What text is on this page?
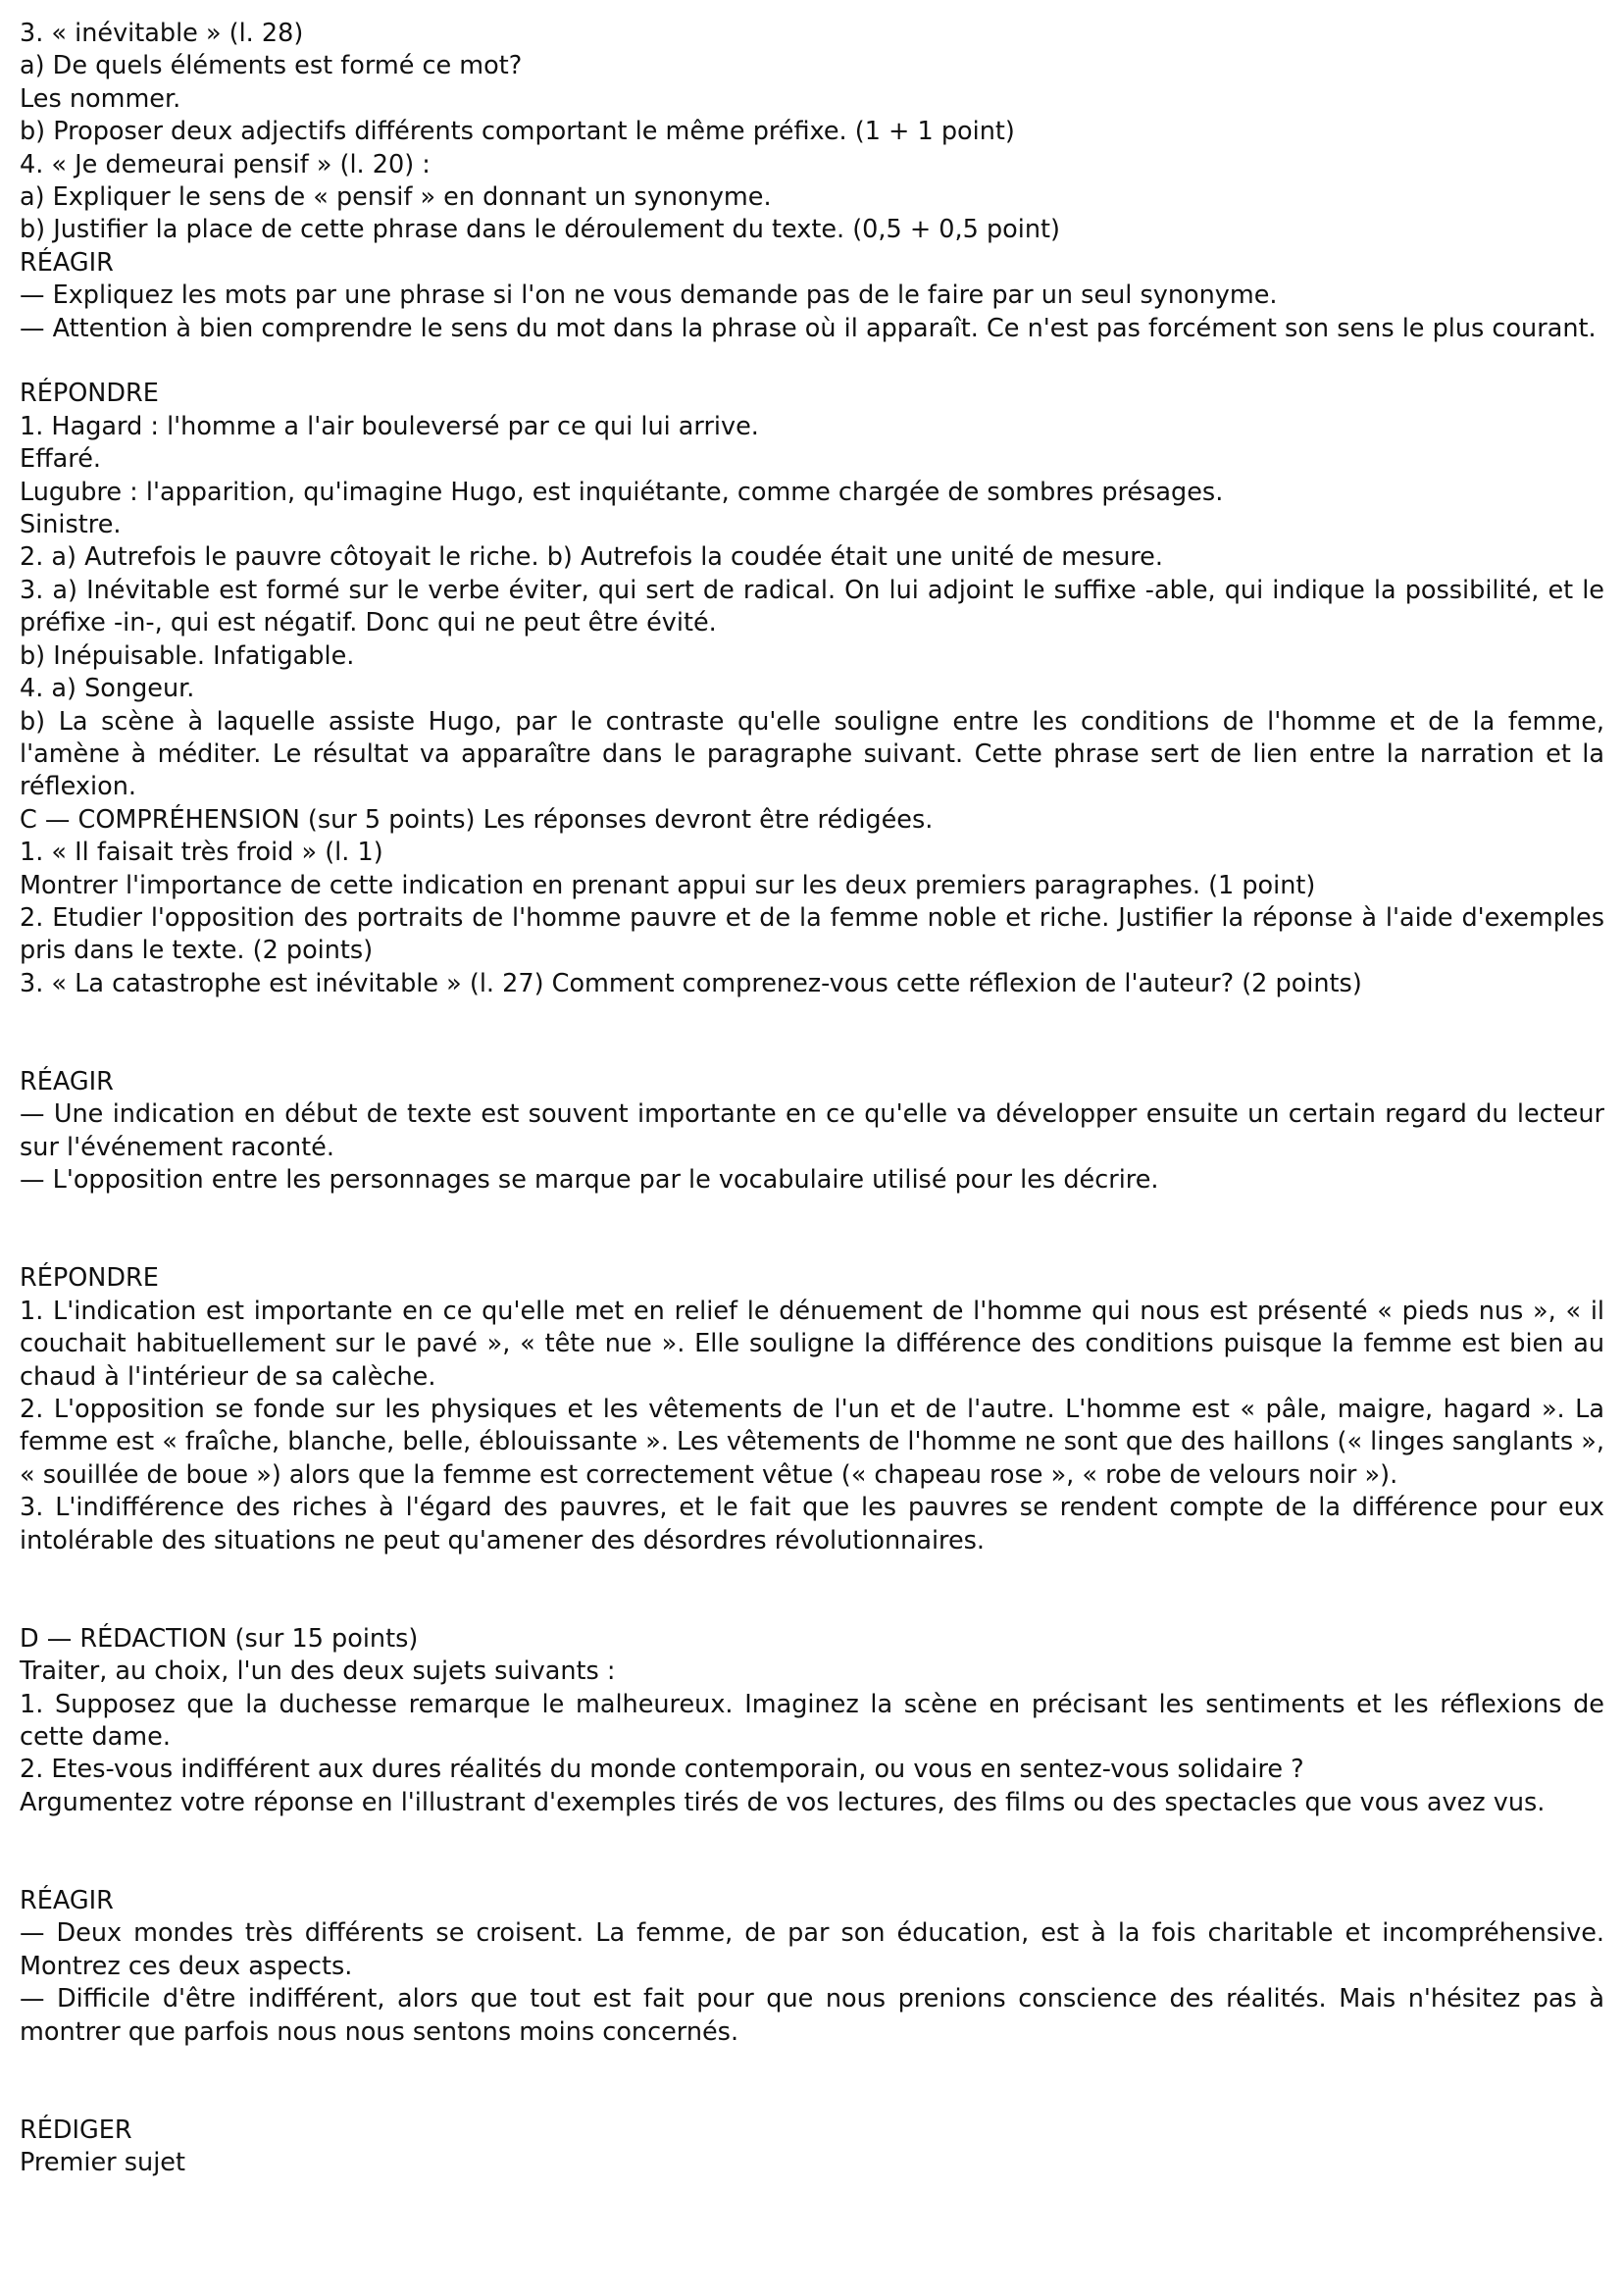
3. « inévitable » (l. 28)
a) De quels éléments est formé ce mot?
Les nommer.
b) Proposer deux adjectifs différents comportant le même préfixe. (1 + 1 point)
4. « Je demeurai pensif » (l. 20) :
a) Expliquer le sens de « pensif » en donnant un synonyme.
b) Justifier la place de cette phrase dans le déroulement du texte. (0,5 + 0,5 point)
RÉAGIR
— Expliquez les mots par une phrase si l'on ne vous demande pas de le faire par un seul synonyme.
— Attention à bien comprendre le sens du mot dans la phrase où il apparaît. Ce n'est pas forcément son sens le plus courant.
RÉPONDRE
1. Hagard : l'homme a l'air bouleversé par ce qui lui arrive.
Effaré.
Lugubre : l'apparition, qu'imagine Hugo, est inquiétante, comme chargée de sombres présages.
Sinistre.
2. a) Autrefois le pauvre côtoyait le riche. b) Autrefois la coudée était une unité de mesure.
3. a) Inévitable est formé sur le verbe éviter, qui sert de radical. On lui adjoint le suffixe -able, qui indique la possibilité, et le préfixe -in-, qui est négatif. Donc qui ne peut être évité.
b) Inépuisable. Infatigable.
4. a) Songeur.
b) La scène à laquelle assiste Hugo, par le contraste qu'elle souligne entre les conditions de l'homme et de la femme, l'amène à méditer. Le résultat va apparaître dans le paragraphe suivant. Cette phrase sert de lien entre la narration et la réflexion.
C — COMPRÉHENSION (sur 5 points) Les réponses devront être rédigées.
1. « Il faisait très froid » (l. 1)
Montrer l'importance de cette indication en prenant appui sur les deux premiers paragraphes. (1 point)
2. Etudier l'opposition des portraits de l'homme pauvre et de la femme noble et riche. Justifier la réponse à l'aide d'exemples pris dans le texte. (2 points)
3. « La catastrophe est inévitable » (l. 27) Comment comprenez-vous cette réflexion de l'auteur? (2 points)
RÉAGIR
— Une indication en début de texte est souvent importante en ce qu'elle va développer ensuite un certain regard du lecteur sur l'événement raconté.
— L'opposition entre les personnages se marque par le vocabulaire utilisé pour les décrire.
RÉPONDRE
1. L'indication est importante en ce qu'elle met en relief le dénuement de l'homme qui nous est présenté « pieds nus », « il couchait habituellement sur le pavé », « tête nue ». Elle souligne la différence des conditions puisque la femme est bien au chaud à l'intérieur de sa calèche.
2. L'opposition se fonde sur les physiques et les vêtements de l'un et de l'autre. L'homme est « pâle, maigre, hagard ». La femme est « fraîche, blanche, belle, éblouissante ». Les vêtements de l'homme ne sont que des haillons (« linges sanglants », « souillée de boue ») alors que la femme est correctement vêtue (« chapeau rose », « robe de velours noir »).
3. L'indifférence des riches à l'égard des pauvres, et le fait que les pauvres se rendent compte de la différence pour eux intolérable des situations ne peut qu'amener des désordres révolutionnaires.
D — RÉDACTION (sur 15 points)
Traiter, au choix, l'un des deux sujets suivants :
1. Supposez que la duchesse remarque le malheureux. Imaginez la scène en précisant les sentiments et les réflexions de cette dame.
2. Etes-vous indifférent aux dures réalités du monde contemporain, ou vous en sentez-vous solidaire ?
Argumentez votre réponse en l'illustrant d'exemples tirés de vos lectures, des films ou des spectacles que vous avez vus.
RÉAGIR
— Deux mondes très différents se croisent. La femme, de par son éducation, est à la fois charitable et incompréhensive. Montrez ces deux aspects.
— Difficile d'être indifférent, alors que tout est fait pour que nous prenions conscience des réalités. Mais n'hésitez pas à montrer que parfois nous nous sentons moins concernés.
RÉDIGER
Premier sujet
